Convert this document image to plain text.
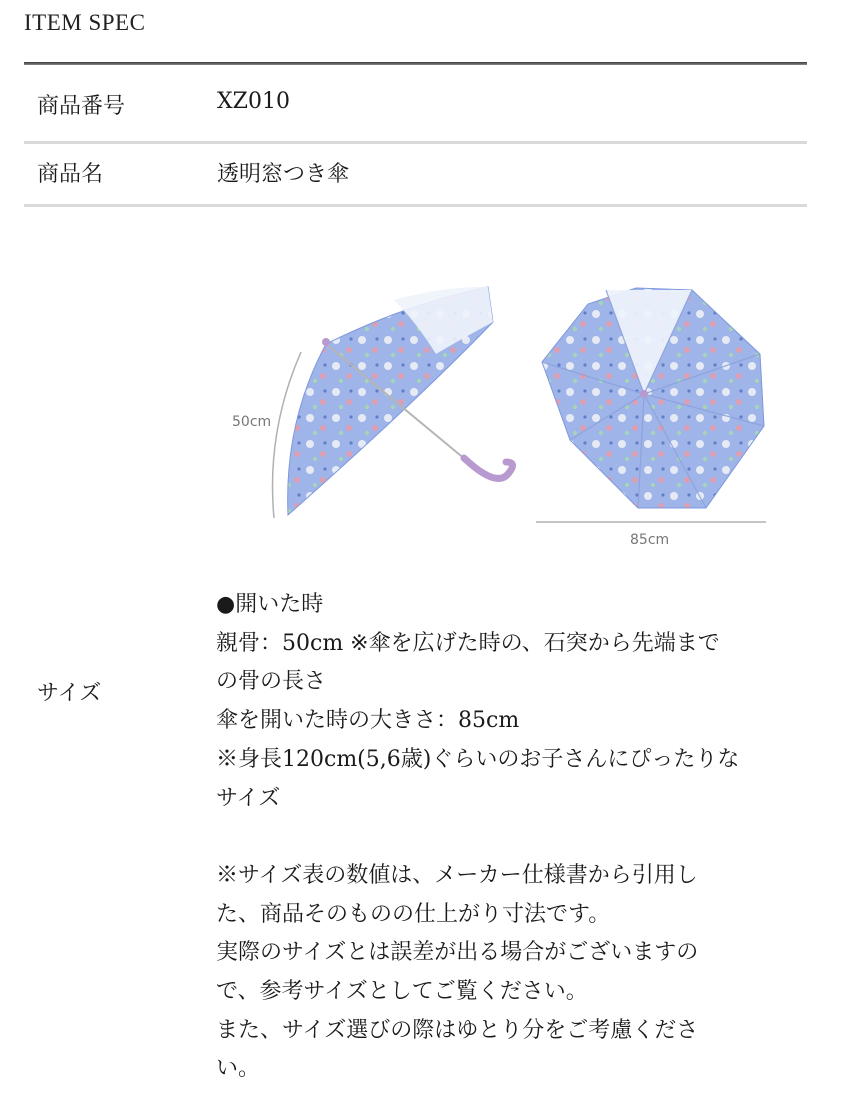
ITEM SPEC
商品番号	XZ010
商品名	透明窓つき傘
サイズ
50cm
85cm

●開いた時

親骨：50cm ※傘を広げた時の、石突から先端まで

の骨の長さ

傘を開いた時の大きさ：85cm

※身長120cm(5,6歳)ぐらいのお子さんにぴったりな

サイズ

※サイズ表の数値は、メーカー仕様書から引用し

た、商品そのものの仕上がり寸法です。

実際のサイズとは誤差が出る場合がございますの

で、参考サイズとしてご覧ください。

また、サイズ選びの際はゆとり分をご考慮くださ

い。
